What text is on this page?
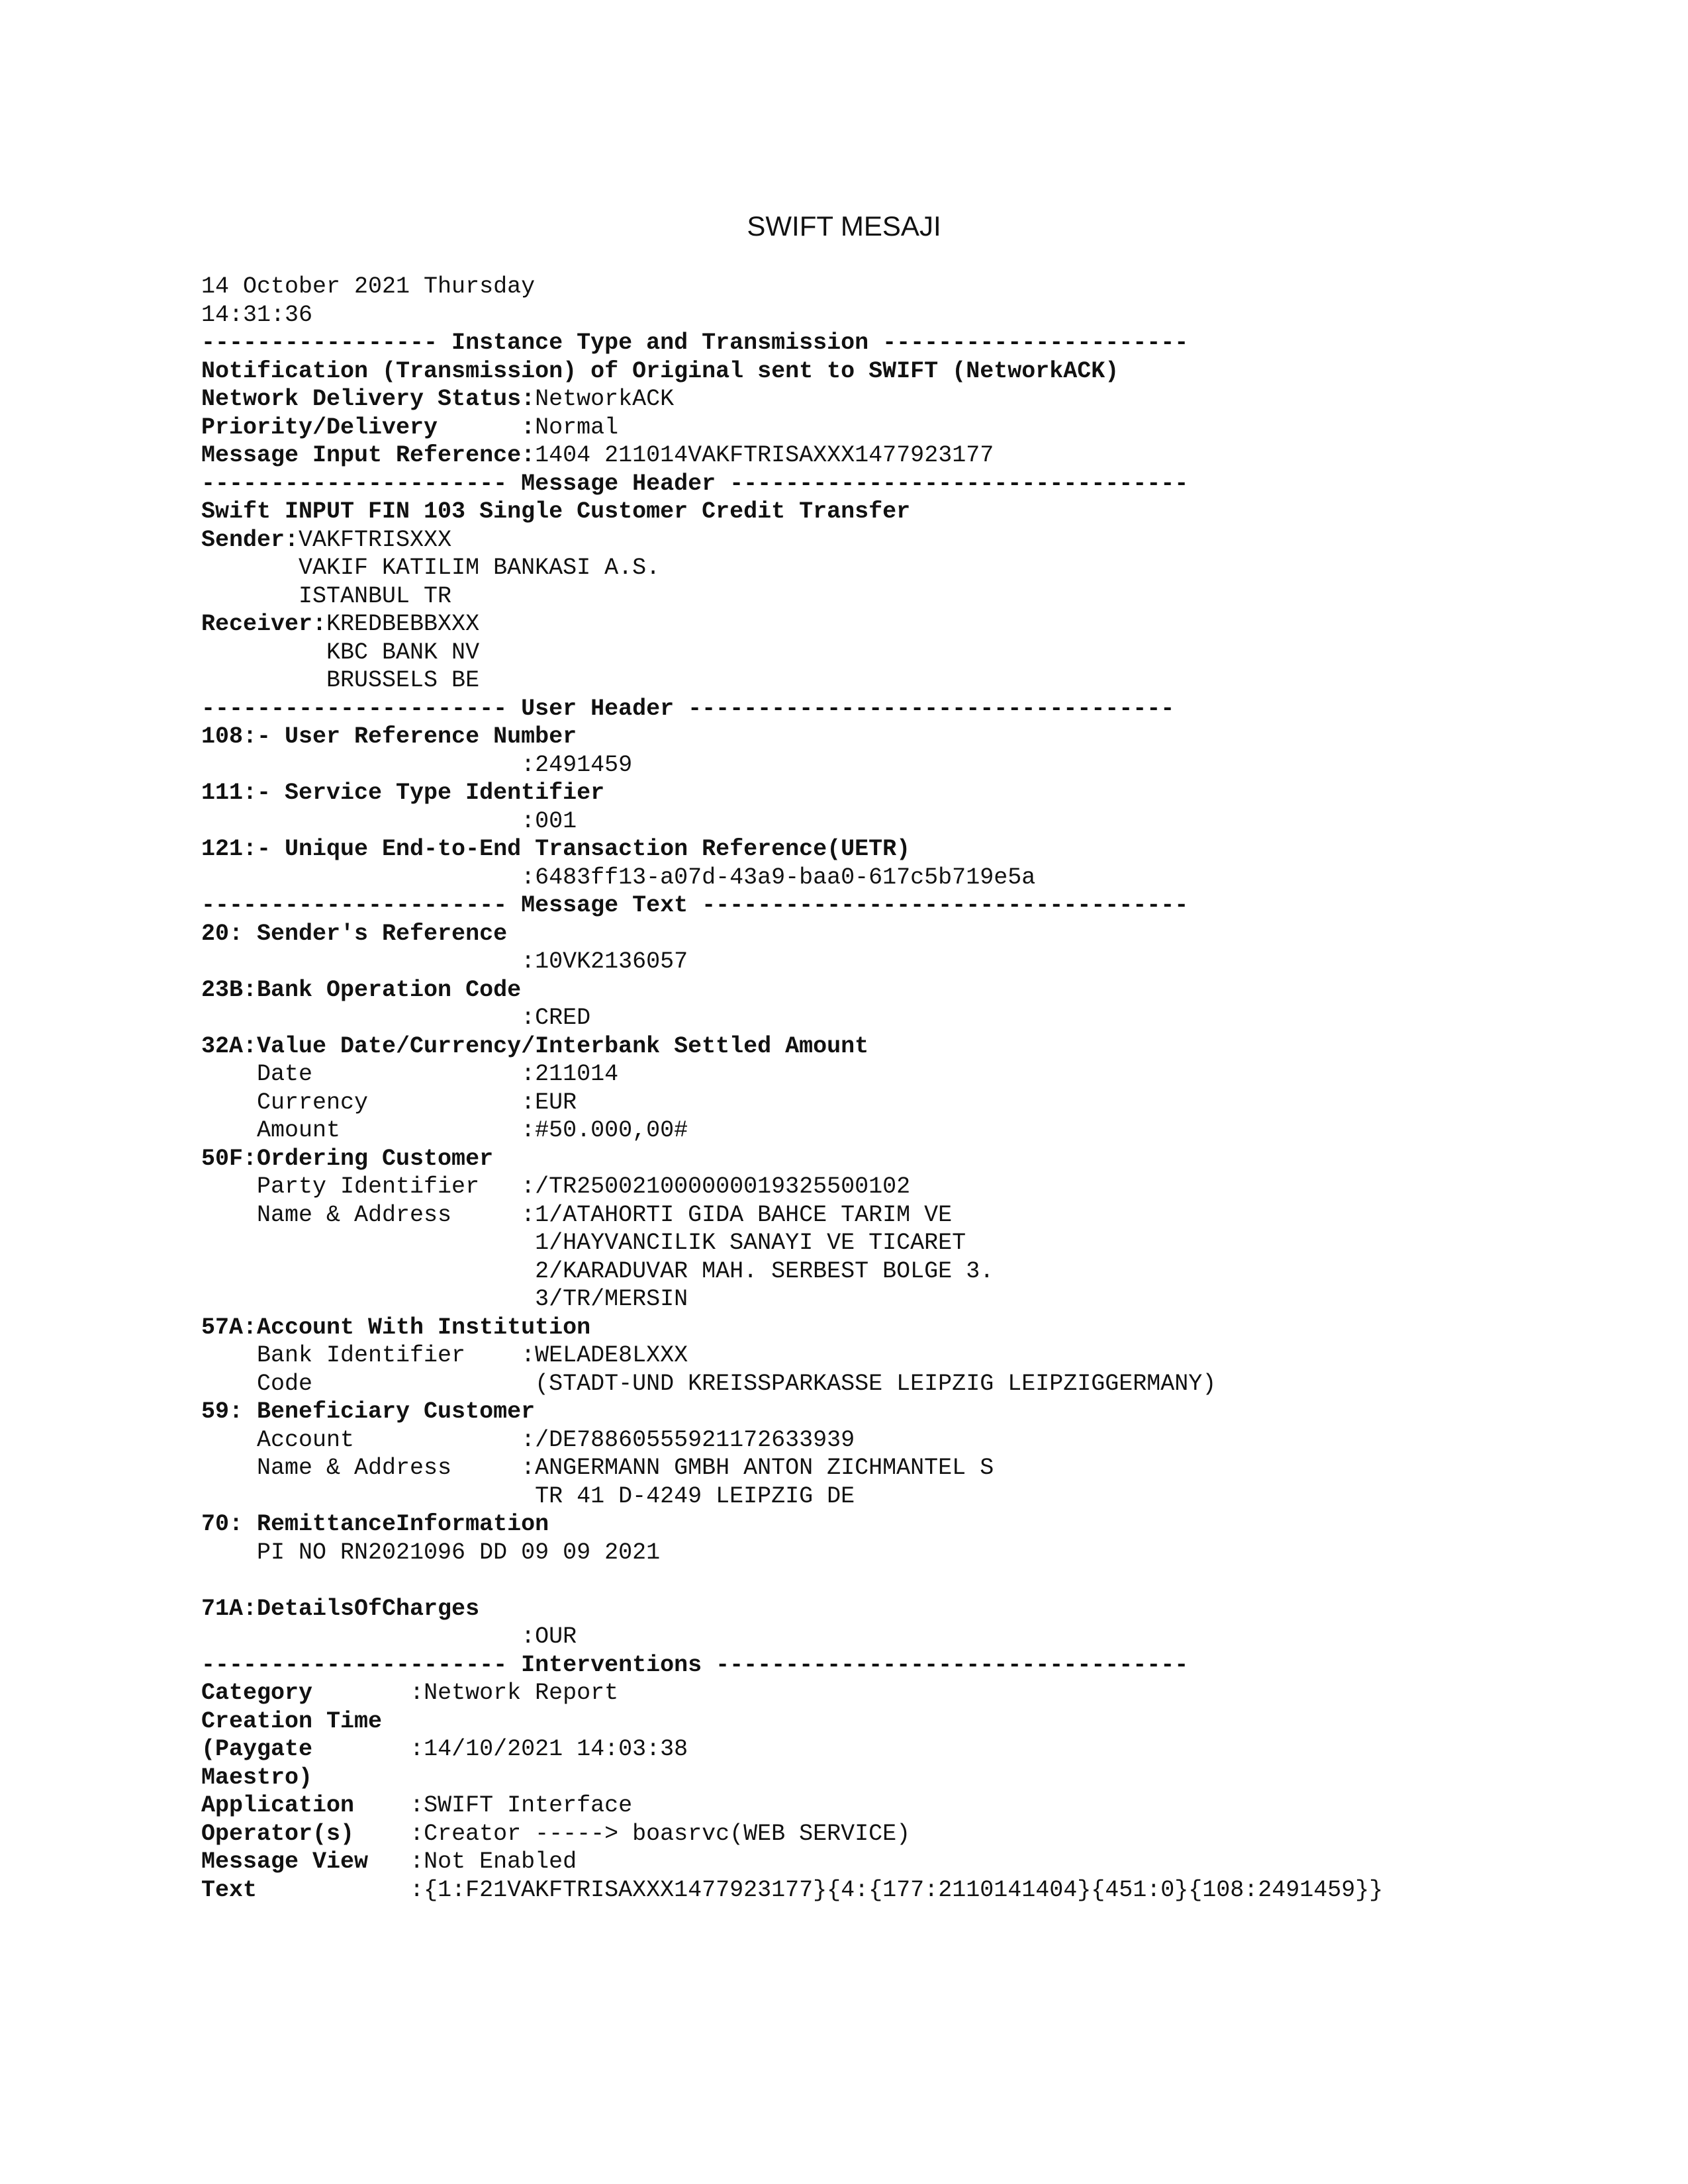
SWIFT MESAJI
14 October 2021 Thursday
14:31:36
----------------- Instance Type and Transmission ----------------------
Notification (Transmission) of Original sent to SWIFT (NetworkACK)
Network Delivery Status:NetworkACK
Priority/Delivery      :Normal
Message Input Reference:1404 211014VAKFTRISAXXX1477923177
---------------------- Message Header ---------------------------------
Swift INPUT FIN 103 Single Customer Credit Transfer
Sender:VAKFTRISXXX
VAKIF KATILIM BANKASI A.S.
ISTANBUL TR
Receiver:KREDBEBBXXX
KBC BANK NV
BRUSSELS BE
---------------------- User Header -----------------------------------
108:- User Reference Number
:2491459
111:- Service Type Identifier
:001
121:- Unique End-to-End Transaction Reference(UETR)
:6483ff13-a07d-43a9-baa0-617c5b719e5a
---------------------- Message Text -----------------------------------
20: Sender's Reference
:10VK2136057
23B:Bank Operation Code
:CRED
32A:Value Date/Currency/Interbank Settled Amount
Date               :211014
Currency           :EUR
Amount             :#50.000,00#
50F:Ordering Customer
Party Identifier   :/TR250021000000019325500102
Name & Address     :1/ATAHORTI GIDA BAHCE TARIM VE
1/HAYVANCILIK SANAYI VE TICARET
2/KARADUVAR MAH. SERBEST BOLGE 3.
3/TR/MERSIN
57A:Account With Institution
Bank Identifier    :WELADE8LXXX
Code                (STADT-UND KREISSPARKASSE LEIPZIG LEIPZIGGERMANY)
59: Beneficiary Customer
Account            :/DE78860555921172633939
Name & Address     :ANGERMANN GMBH ANTON ZICHMANTEL S
TR 41 D-4249 LEIPZIG DE
70: RemittanceInformation
PI NO RN2021096 DD 09 09 2021
71A:DetailsOfCharges
:OUR
---------------------- Interventions ----------------------------------
Category       :Network Report
Creation Time
(Paygate       :14/10/2021 14:03:38
Maestro)
Application    :SWIFT Interface
Operator(s)    :Creator -----> boasrvc(WEB SERVICE)
Message View   :Not Enabled
Text           :{1:F21VAKFTRISAXXX1477923177}{4:{177:2110141404}{451:0}{108:2491459}}
